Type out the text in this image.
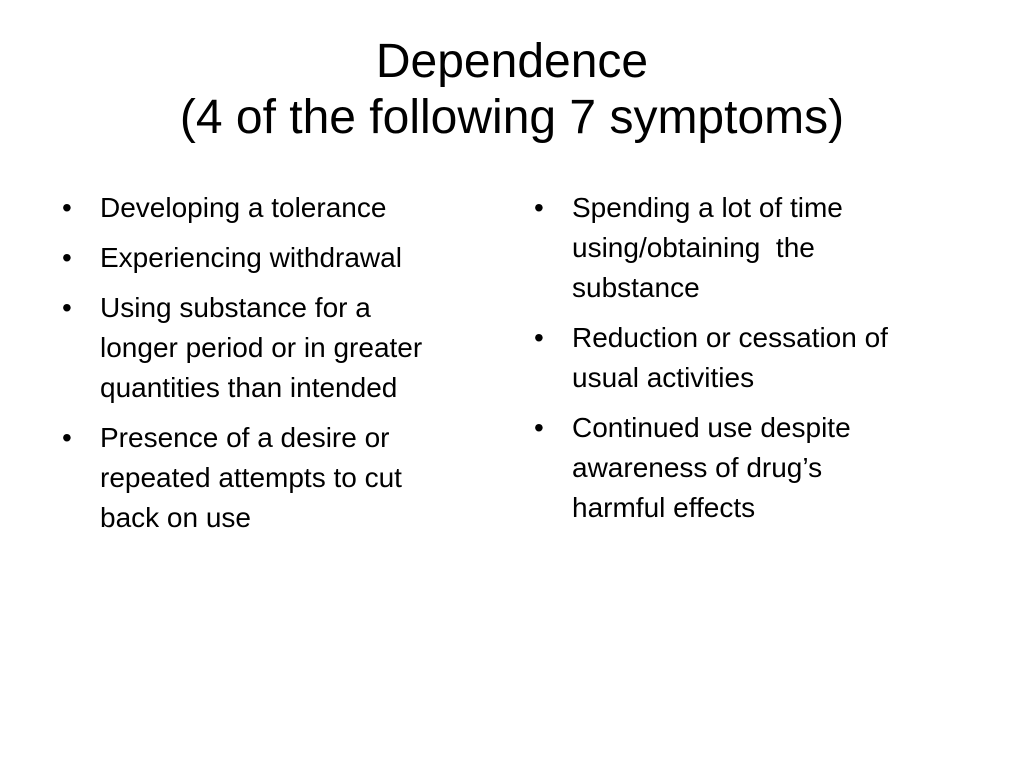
Dependence
(4 of the following 7 symptoms)
• Developing a tolerance
• Experiencing withdrawal
• Using substance for a
longer period or in greater
quantities than intended
• Presence of a desire or
repeated attempts to cut
back on use
• Spending a lot of time
using/obtaining  the
substance
• Reduction or cessation of
usual activities
• Continued use despite
awareness of drug’s
harmful effects
